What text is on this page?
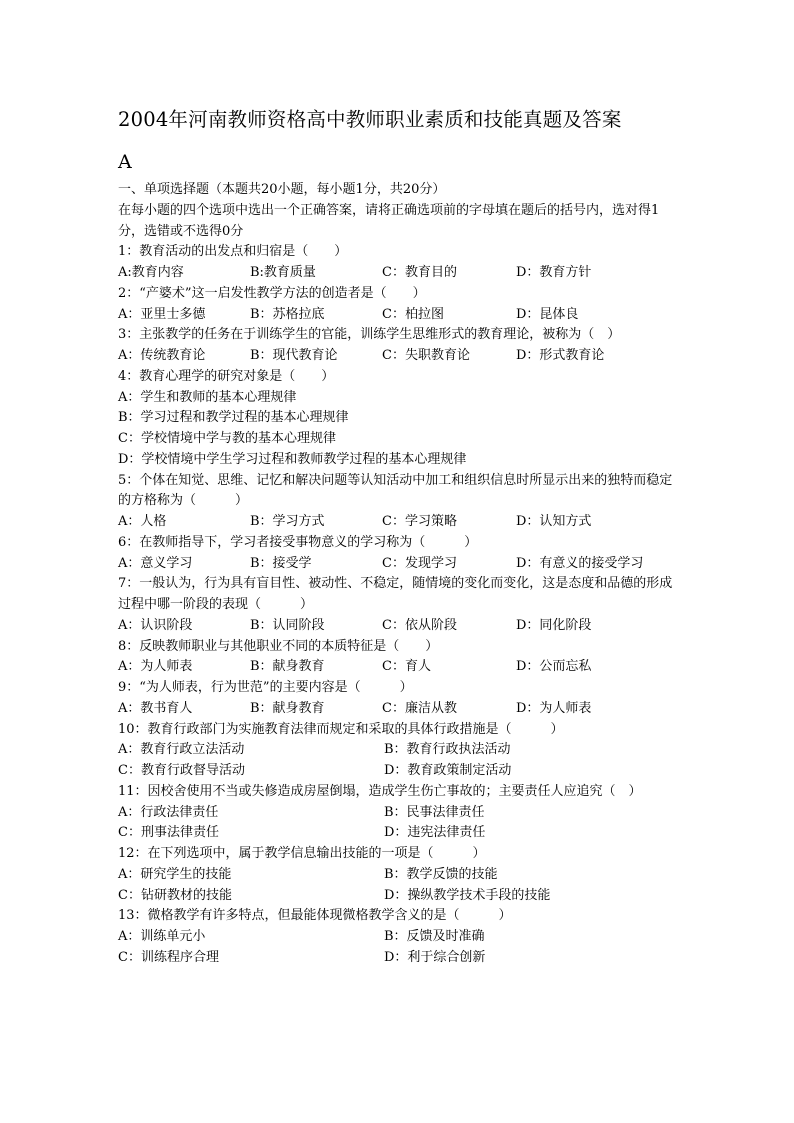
2004年河南教师资格高中教师职业素质和技能真题及答案
A
一、单项选择题（本题共20小题，每小题1分，共20分）
在每小题的四个选项中选出一个正确答案，请将正确选项前的字母填在题后的括号内，选对得1分，选错或不选得0分
1：教育活动的出发点和归宿是（　　）
A:教育内容	B:教育质量	C：教育目的	D：教育方针
2：“产婆术”这一启发性教学方法的创造者是（　　）
A：亚里士多德	B：苏格拉底	C：柏拉图	D：昆体良
3：主张教学的任务在于训练学生的官能，训练学生思维形式的教育理论，被称为（　）
A：传统教育论	B：现代教育论	C：失职教育论	D：形式教育论
4：教育心理学的研究对象是（　　）
A：学生和教师的基本心理规律
B：学习过程和教学过程的基本心理规律
C：学校情境中学与教的基本心理规律
D：学校情境中学生学习过程和教师教学过程的基本心理规律
5：个体在知觉、思维、记忆和解决问题等认知活动中加工和组织信息时所显示出来的独特而稳定的方格称为（　　　）
A：人格	B：学习方式	C：学习策略	D：认知方式
6：在教师指导下，学习者接受事物意义的学习称为（　　　）
A：意义学习	B：接受学	C：发现学习	D：有意义的接受学习
7：一般认为，行为具有盲目性、被动性、不稳定，随情境的变化而变化，这是态度和品德的形成过程中哪一阶段的表现（　　　）
A：认识阶段	B：认同阶段	C：依从阶段	D：同化阶段
8：反映教师职业与其他职业不同的本质特征是（　　）
A：为人师表	B：献身教育	C：育人	D：公而忘私
9：“为人师表，行为世范”的主要内容是（　　　）
A：教书育人	B：献身教育	C：廉洁从教	D：为人师表
10：教育行政部门为实施教育法律而规定和采取的具体行政措施是（　　　）
A：教育行政立法活动	B：教育行政执法活动
C：教育行政督导活动	D：教育政策制定活动
11：因校舍使用不当或失修造成房屋倒塌，造成学生伤亡事故的；主要责任人应追究（　）
A：行政法律责任	B：民事法律责任
C：刑事法律责任	D：违宪法律责任
12：在下列选项中，属于教学信息输出技能的一项是（　　　）
A：研究学生的技能	B：教学反馈的技能
C：钻研教材的技能	D：操纵教学技术手段的技能
13：微格教学有许多特点，但最能体现微格教学含义的是（　　　）
A：训练单元小	B：反馈及时准确
C：训练程序合理	D：利于综合创新
